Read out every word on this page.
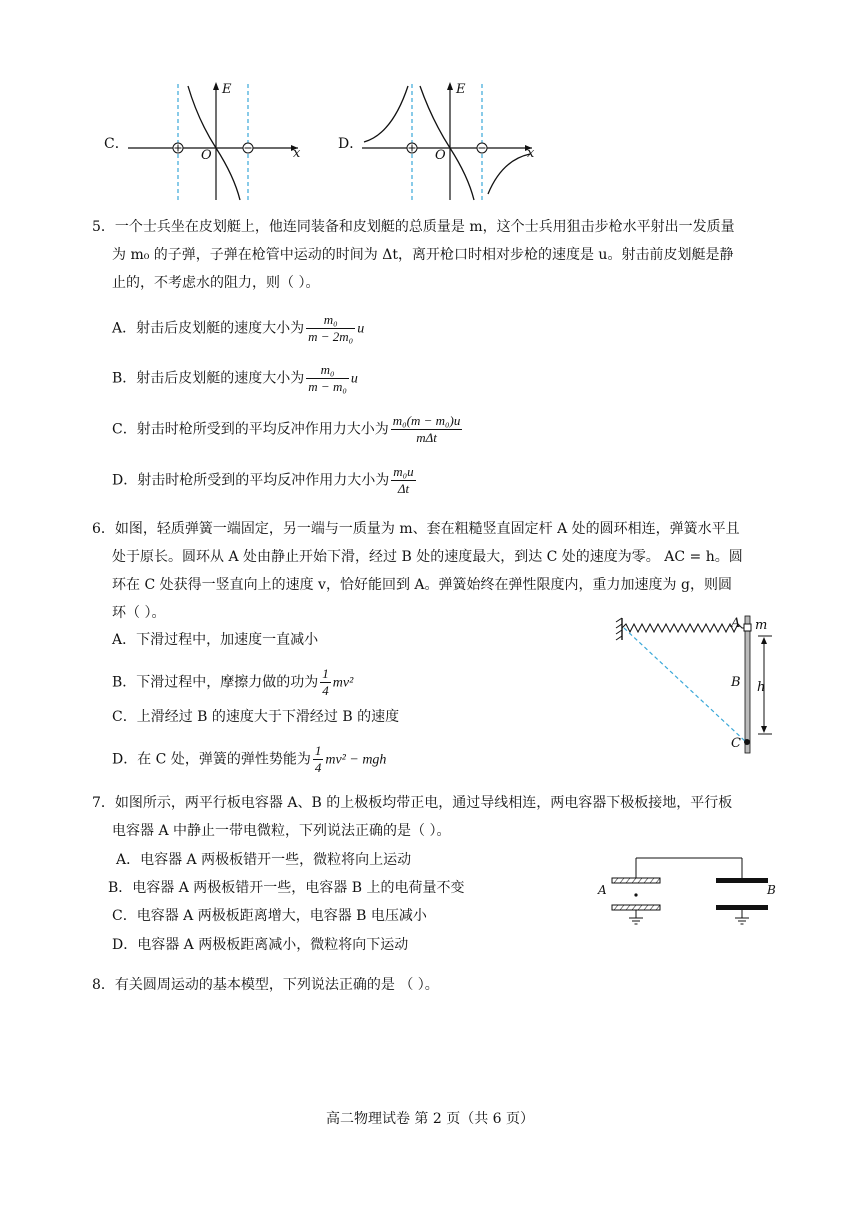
C．
E
x
O
D．
E
x
O
5．一个士兵坐在皮划艇上，他连同装备和皮划艇的总质量是 m，这个士兵用狙击步枪水平射出一发质量
为 m₀ 的子弹，子弹在枪管中运动的时间为 Δt，离开枪口时相对步枪的速度是 u。射击前皮划艇是静
止的，不考虑水的阻力，则（ ）。
A．射击后皮划艇的速度大小为 $\frac{\text{m₀}}{\text{m − 2m₀}}$ u
B．射击后皮划艇的速度大小为 $\frac{\text{m₀}}{\text{m − m₀}}$ u
C．射击时枪所受到的平均反冲作用力大小为 $\frac{\text{m₀(m − m₀)u}}{\text{mΔt}}$
D．射击时枪所受到的平均反冲作用力大小为 $\frac{\text{m₀u}}{\Delta t}$
6．如图，轻质弹簧一端固定，另一端与一质量为 m、套在粗糙竖直固定杆 A 处的圆环相连，弹簧水平且
处于原长。圆环从 A 处由静止开始下滑，经过 B 处的速度最大，到达 C 处的速度为零。 AC = h。圆
环在 C 处获得一竖直向上的速度 v，恰好能回到 A。弹簧始终在弹性限度内，重力加速度为 g，则圆
环（ ）。
A．下滑过程中，加速度一直减小
B．下滑过程中，摩擦力做的功为 $\frac{1}{4} mv^2$
C．上滑经过 B 的速度大于下滑经过 B 的速度
D．在 C 处，弹簧的弹性势能为 $\frac{1}{4} mv^2$ − mgh
A m
B h
C
7．如图所示，两平行板电容器 A、B 的上极板均带正电，通过导线相连，两电容器下极板接地，平行板
电容器 A 中静止一带电微粒，下列说法正确的是（ ）。
A．电容器 A 两极板错开一些，微粒将向上运动
B．电容器 A 两极板错开一些，电容器 B 上的电荷量不变
C．电容器 A 两极板距离增大，电容器 B 电压减小
D．电容器 A 两极板距离减小，微粒将向下运动
A	B
8．有关圆周运动的基本模型，下列说法正确的是 （ ）。
高二物理试卷 第 2 页（共 6 页）
